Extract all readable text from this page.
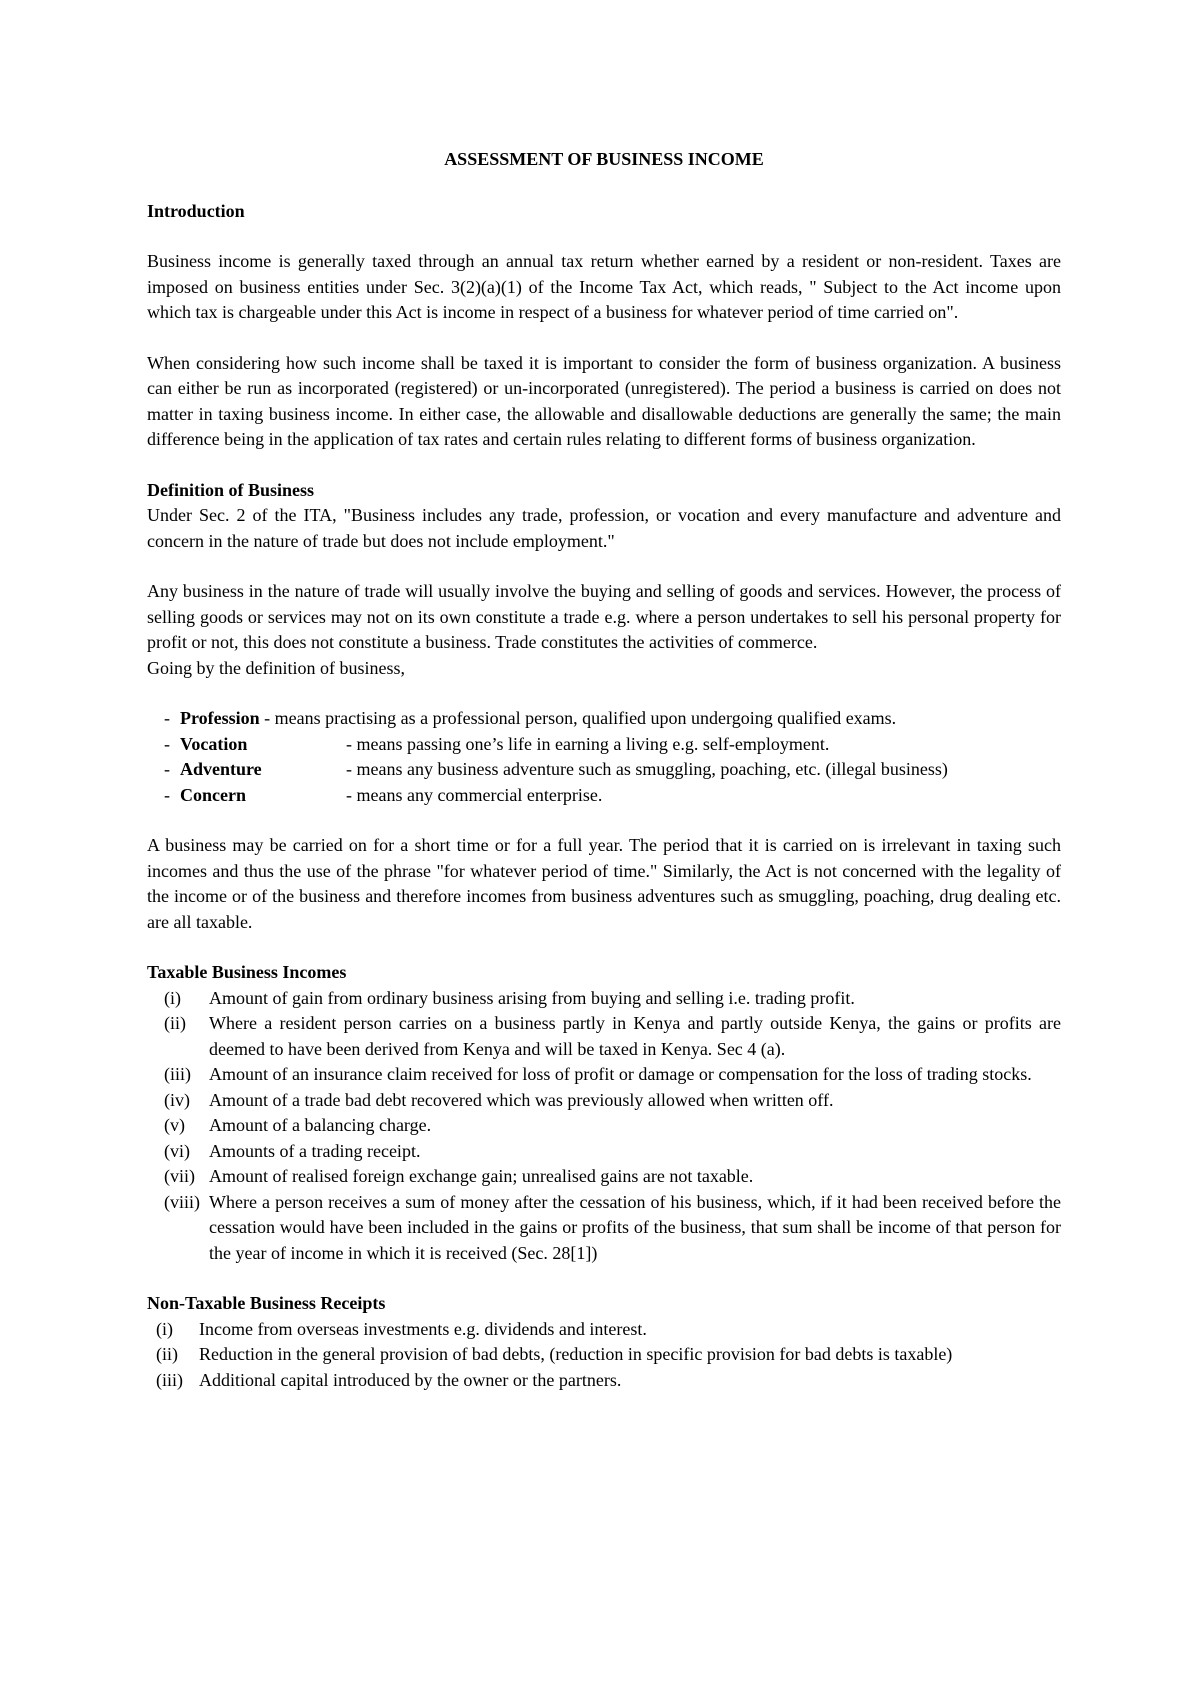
ASSESSMENT OF BUSINESS INCOME
Introduction

Business income is generally taxed through an annual tax return whether earned by a resident or non-resident. Taxes are imposed on business entities under Sec. 3(2)(a)(1) of the Income Tax Act, which reads, " Subject to the Act income upon which tax is chargeable under this Act is income in respect of a business for whatever period of time carried on".

When considering how such income shall be taxed it is important to consider the form of business organization. A business can either be run as incorporated (registered) or un-incorporated (unregistered). The period a business is carried on does not matter in taxing business income. In either case, the allowable and disallowable deductions are generally the same; the main difference being in the application of tax rates and certain rules relating to different forms of business organization.

Definition of Business

Under Sec. 2 of the ITA, "Business includes any trade, profession, or vocation and every manufacture and adventure and concern in the nature of trade but does not include employment."

Any business in the nature of trade will usually involve the buying and selling of goods and services. However, the process of selling goods or services may not on its own constitute a trade e.g. where a person undertakes to sell his personal property for profit or not, this does not constitute a business. Trade constitutes the activities of commerce.

Going by the definition of business,

- Profession - means practising as a professional person, qualified upon undergoing qualified exams.
- Vocation	- means passing one’s life in earning a living e.g. self-employment.
- Adventure	- means any business adventure such as smuggling, poaching, etc. (illegal business)
- Concern	- means any commercial enterprise.

A business may be carried on for a short time or for a full year. The period that it is carried on is irrelevant in taxing such incomes and thus the use of the phrase "for whatever period of time." Similarly, the Act is not concerned with the legality of the income or of the business and therefore incomes from business adventures such as smuggling, poaching, drug dealing etc. are all taxable.

Taxable Business Incomes
(i) Amount of gain from ordinary business arising from buying and selling i.e. trading profit.
(ii) Where a resident person carries on a business partly in Kenya and partly outside Kenya, the gains or profits are deemed to have been derived from Kenya and will be taxed in Kenya. Sec 4 (a).
(iii) Amount of an insurance claim received for loss of profit or damage or compensation for the loss of trading stocks.
(iv) Amount of a trade bad debt recovered which was previously allowed when written off.
(v) Amount of a balancing charge.
(vi) Amounts of a trading receipt.
(vii) Amount of realised foreign exchange gain; unrealised gains are not taxable.
(viii) Where a person receives a sum of money after the cessation of his business, which, if it had been received before the cessation would have been included in the gains or profits of the business, that sum shall be income of that person for the year of income in which it is received (Sec. 28[1])
Non-Taxable Business Receipts
(i) Income from overseas investments e.g. dividends and interest.
(ii) Reduction in the general provision of bad debts, (reduction in specific provision for bad debts is taxable)
(iii) Additional capital introduced by the owner or the partners.
